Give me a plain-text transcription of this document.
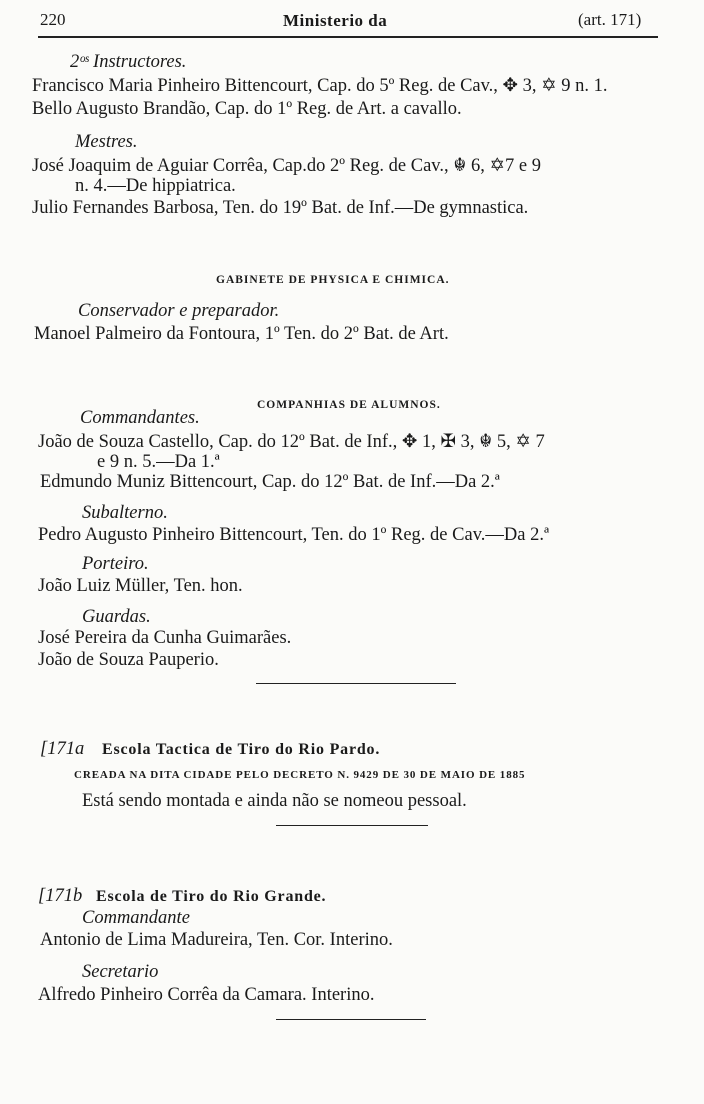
220	Ministerio da	(art. 171)
2ᵒˢ Instructores.
Francisco Maria Pinheiro Bittencourt, Cap. do 5º Reg. de Cav., ✥ 3, ✡ 9 n. 1.
Bello Augusto Brandão, Cap. do 1º Reg. de Art. a cavallo.
Mestres.
José Joaquim de Aguiar Corrêa, Cap.do 2º Reg. de Cav., ☬ 6, ✡7 e 9
n. 4.—De hippiatrica.
Julio Fernandes Barbosa, Ten. do 19º Bat. de Inf.—De gymnastica.
GABINETE DE PHYSICA E CHIMICA.
Conservador e preparador.
Manoel Palmeiro da Fontoura, 1º Ten. do 2º Bat. de Art.
COMPANHIAS DE ALUMNOS.
Commandantes.
João de Souza Castello, Cap. do 12º Bat. de Inf., ✥ 1, ✠ 3, ☬ 5, ✡ 7
e 9 n. 5.—Da 1.ª
Edmundo Muniz Bittencourt, Cap. do 12º Bat. de Inf.—Da 2.ª
Subalterno.
Pedro Augusto Pinheiro Bittencourt, Ten. do 1º Reg. de Cav.—Da 2.ª
Porteiro.
João Luiz Müller, Ten. hon.
Guardas.
José Pereira da Cunha Guimarães.
João de Souza Pauperio.
[171a Escola Tactica de Tiro do Rio Pardo.
CREADA NA DITA CIDADE PELO DECRETO N. 9429 DE 30 DE MAIO DE 1885
Está sendo montada e ainda não se nomeou pessoal.
[171b Escola de Tiro do Rio Grande.
Commandante
Antonio de Lima Madureira, Ten. Cor. Interino.
Secretario
Alfredo Pinheiro Corrêa da Camara. Interino.
